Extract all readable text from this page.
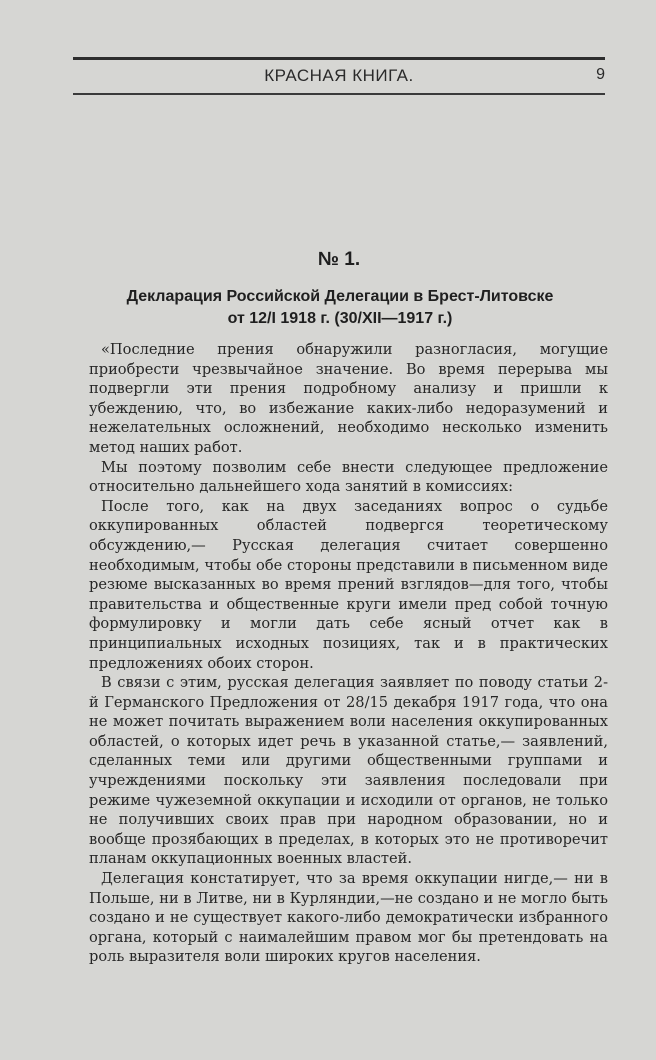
КРАСНАЯ КНИГА.	9
№ 1.
Декларация Российской Делегации в Брест-Литовске
от 12/I 1918 г. (30/XII—1917 г.)

«Последние прения обнаружили разногласия, могущие приобрести чрезвычайное значение. Во время перерыва мы подвергли эти прения подробному анализу и пришли к убеждению, что, во избежание каких-либо недоразумений и нежелательных осложнений, необходимо несколько изменить метод наших работ.

Мы поэтому позволим себе внести следующее предложение относительно дальнейшего хода занятий в комиссиях:

После того, как на двух заседаниях вопрос о судьбе оккупированных областей подвергся теоретическому обсуждению,— Русская делегация считает совершенно необходимым, чтобы обе стороны представили в письменном виде резюме высказанных во время прений взглядов—для того, чтобы правительства и общественные круги имели пред собой точную формулировку и могли дать себе ясный отчет как в принципиальных исходных позициях, так и в практических предложениях обоих сторон.

В связи с этим, русская делегация заявляет по поводу статьи 2-й Германского Предложения от 28/15 декабря 1917 года, что она не может почитать выражением воли населения оккупированных областей, о которых идет речь в указанной статье,— заявлений, сделанных теми или другими общественными группами и учреждениями поскольку эти заявления последовали при режиме чужеземной оккупации и исходили от органов, не только не получивших своих прав при народном образовании, но и вообще прозябающих в пределах, в которых это не противоречит планам оккупационных военных властей.

Делегация констатирует, что за время оккупации нигде,— ни в Польше, ни в Литве, ни в Курляндии,—не создано и не могло быть создано и не существует какого-либо демократически избранного органа, который с наималейшим правом мог бы претендовать на роль выразителя воли широких кругов населения.
